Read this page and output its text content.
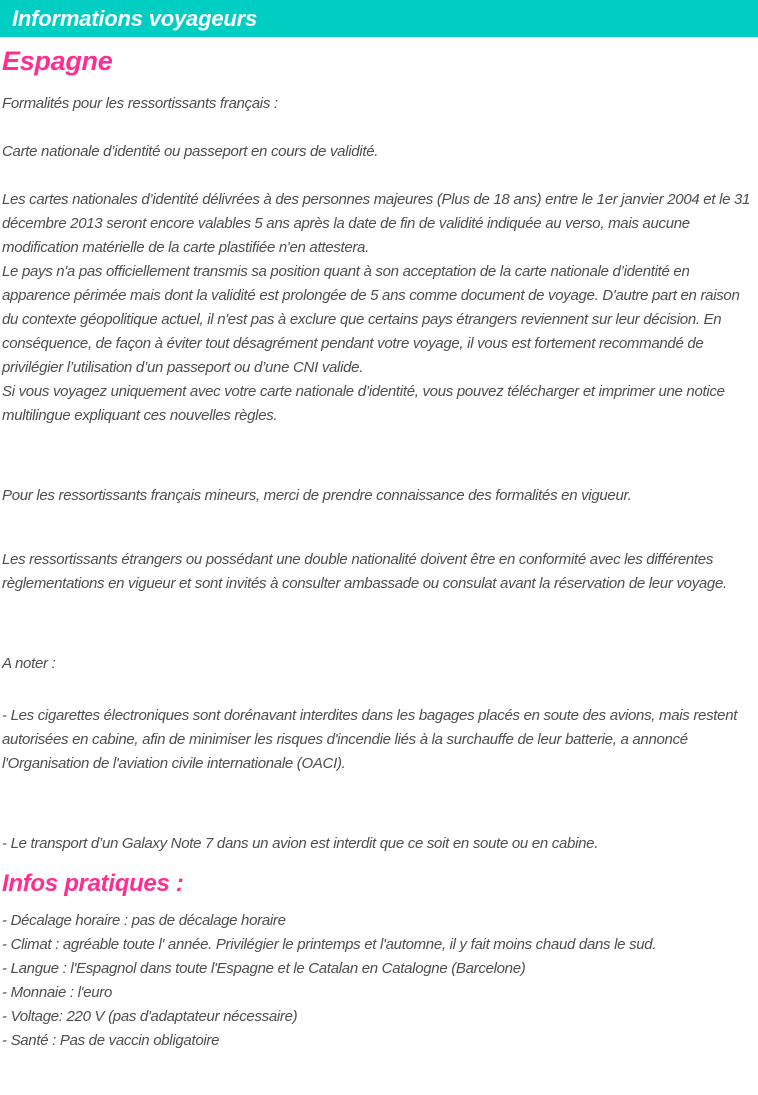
Informations voyageurs
Espagne

Formalités pour les ressortissants français :

Carte nationale d’identité ou passeport en cours de validité.

Les cartes nationales d’identité délivrées à des personnes majeures (Plus de 18 ans) entre le 1er janvier 2004 et le 31 décembre 2013 seront encore valables 5 ans après la date de fin de validité indiquée au verso, mais aucune modification matérielle de la carte plastifiée n'en attestera.

Le pays n'a pas officiellement transmis sa position quant à son acceptation de la carte nationale d’identité en apparence périmée mais dont la validité est prolongée de 5 ans comme document de voyage. D'autre part en raison du contexte géopolitique actuel, il n'est pas à exclure que certains pays étrangers reviennent sur leur décision. En conséquence, de façon à éviter tout désagrément pendant votre voyage, il vous est fortement recommandé de privilégier l’utilisation d’un passeport ou d’une CNI valide.

Si vous voyagez uniquement avec votre carte nationale d’identité, vous pouvez télécharger et imprimer une notice multilingue expliquant ces nouvelles règles.

Pour les ressortissants français mineurs, merci de prendre connaissance des formalités en vigueur.

Les ressortissants étrangers ou possédant une double nationalité doivent être en conformité avec les différentes règlementations en vigueur et sont invités à consulter ambassade ou consulat avant la réservation de leur voyage.

A noter :

- Les cigarettes électroniques sont dorénavant interdites dans les bagages placés en soute des avions, mais restent autorisées en cabine, afin de minimiser les risques d'incendie liés à la surchauffe de leur batterie, a annoncé l'Organisation de l'aviation civile internationale (OACI).

- Le transport d’un Galaxy Note 7 dans un avion est interdit que ce soit en soute ou en cabine.

Infos pratiques :

- Décalage horaire : pas de décalage horaire

- Climat : agréable toute l' année. Privilégier le printemps et l'automne, il y fait moins chaud dans le sud.

- Langue : l'Espagnol dans toute l'Espagne et le Catalan en Catalogne (Barcelone)

- Monnaie : l'euro

- Voltage: 220 V (pas d'adaptateur nécessaire)

- Santé : Pas de vaccin obligatoire
